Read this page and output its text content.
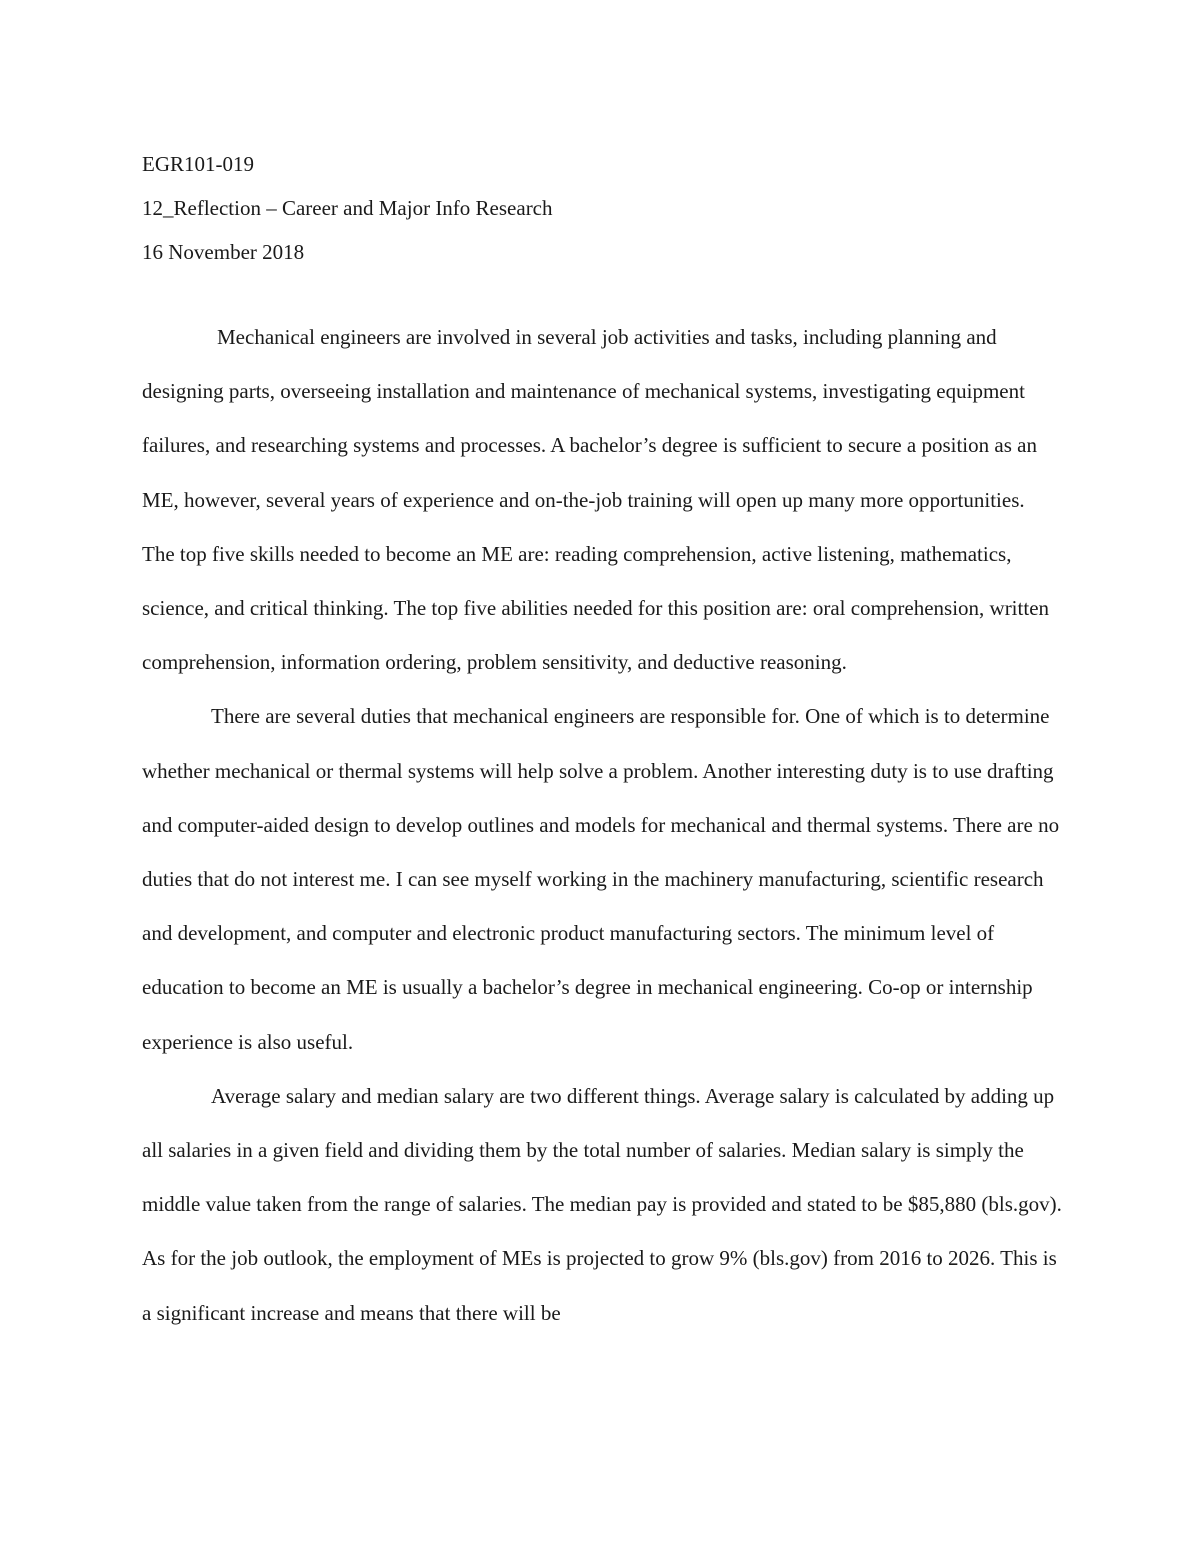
EGR101-019
12_Reflection – Career and Major Info Research
16 November 2018

Mechanical engineers are involved in several job activities and tasks, including planning and designing parts, overseeing installation and maintenance of mechanical systems, investigating equipment failures, and researching systems and processes. A bachelor’s degree is sufficient to secure a position as an ME, however, several years of experience and on-the-job training will open up many more opportunities. The top five skills needed to become an ME are: reading comprehension, active listening, mathematics, science, and critical thinking. The top five abilities needed for this position are: oral comprehension, written comprehension, information ordering, problem sensitivity, and deductive reasoning.

There are several duties that mechanical engineers are responsible for. One of which is to determine whether mechanical or thermal systems will help solve a problem. Another interesting duty is to use drafting and computer-aided design to develop outlines and models for mechanical and thermal systems. There are no duties that do not interest me. I can see myself working in the machinery manufacturing, scientific research and development, and computer and electronic product manufacturing sectors. The minimum level of education to become an ME is usually a bachelor’s degree in mechanical engineering. Co-op or internship experience is also useful.

Average salary and median salary are two different things. Average salary is calculated by adding up all salaries in a given field and dividing them by the total number of salaries. Median salary is simply the middle value taken from the range of salaries. The median pay is provided and stated to be $85,880 (bls.gov). As for the job outlook, the employment of MEs is projected to grow 9% (bls.gov) from 2016 to 2026. This is a significant increase and means that there will be
